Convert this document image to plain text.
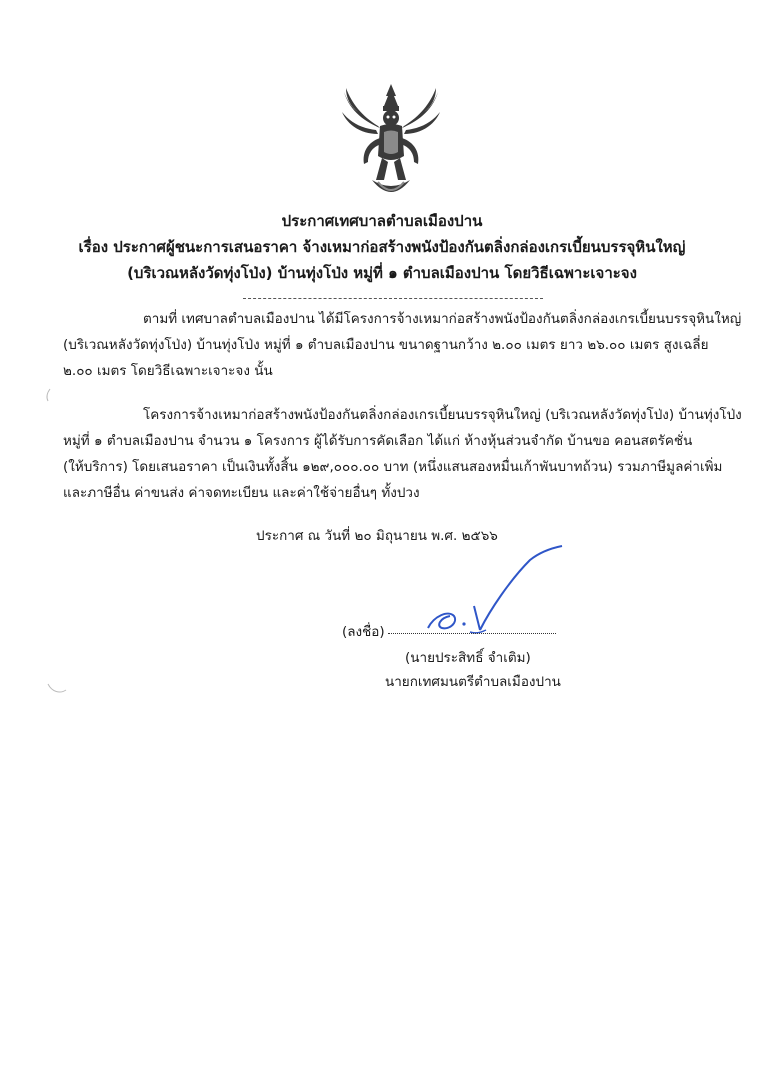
ประกาศเทศบาลตำบลเมืองปาน
เรื่อง ประกาศผู้ชนะการเสนอราคา จ้างเหมาก่อสร้างพนังป้องกันตลิ่งกล่องเกรเบี้ยนบรรจุหินใหญ่
(บริเวณหลังวัดทุ่งโป่ง) บ้านทุ่งโป่ง หมู่ที่ ๑ ตำบลเมืองปาน โดยวิธีเฉพาะเจาะจง
ตามที่ เทศบาลตำบลเมืองปาน ได้มีโครงการจ้างเหมาก่อสร้างพนังป้องกันตลิ่งกล่องเกรเบี้ยนบรรจุหินใหญ่
(บริเวณหลังวัดทุ่งโป่ง) บ้านทุ่งโป่ง หมู่ที่ ๑ ตำบลเมืองปาน ขนาดฐานกว้าง ๒.๐๐ เมตร ยาว ๒๖.๐๐ เมตร สูงเฉลี่ย
๒.๐๐ เมตร โดยวิธีเฉพาะเจาะจง นั้น
โครงการจ้างเหมาก่อสร้างพนังป้องกันตลิ่งกล่องเกรเบี้ยนบรรจุหินใหญ่ (บริเวณหลังวัดทุ่งโป่ง) บ้านทุ่งโป่ง
หมู่ที่ ๑ ตำบลเมืองปาน จำนวน ๑ โครงการ ผู้ได้รับการคัดเลือก ได้แก่ ห้างหุ้นส่วนจำกัด บ้านขอ คอนสตรัคชั่น
(ให้บริการ) โดยเสนอราคา เป็นเงินทั้งสิ้น ๑๒๙,๐๐๐.๐๐ บาท (หนึ่งแสนสองหมื่นเก้าพันบาทถ้วน) รวมภาษีมูลค่าเพิ่ม
และภาษีอื่น ค่าขนส่ง ค่าจดทะเบียน และค่าใช้จ่ายอื่นๆ ทั้งปวง
ประกาศ ณ วันที่ ๒๐ มิถุนายน พ.ศ. ๒๕๖๖
(ลงชื่อ)
(นายประสิทธิ์ จำเติม)
นายกเทศมนตรีตำบลเมืองปาน
